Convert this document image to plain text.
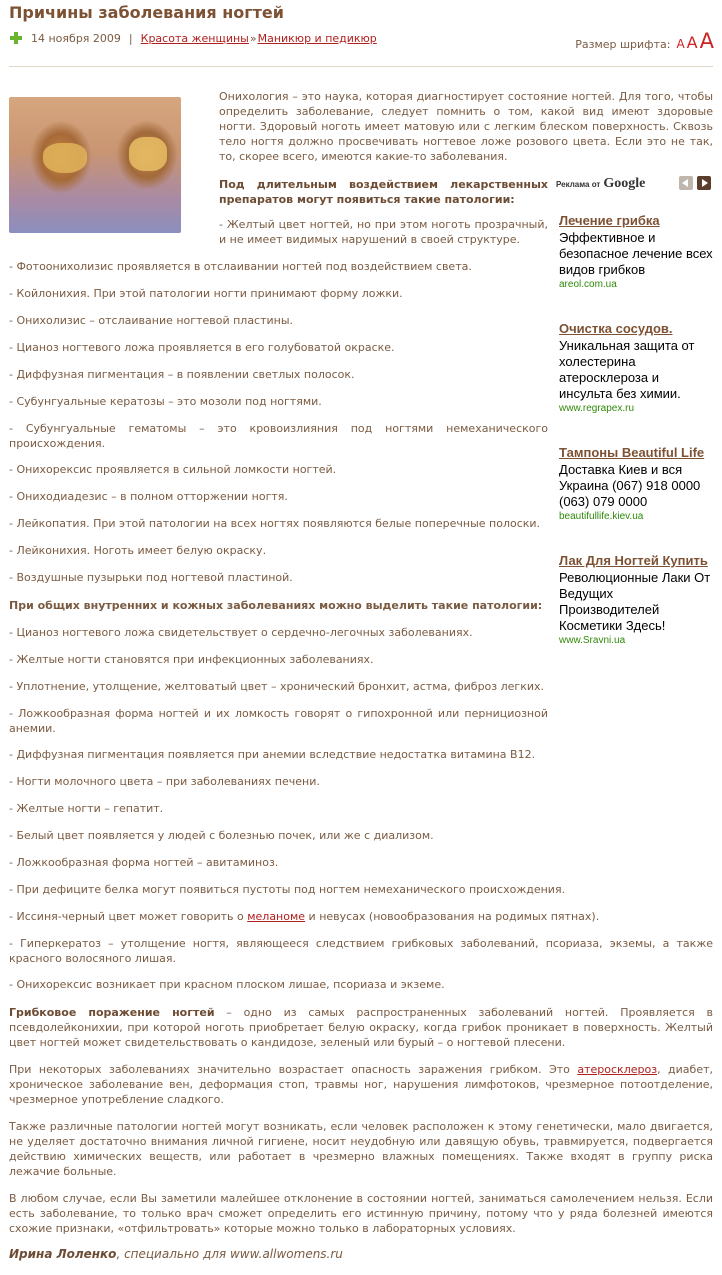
Причины заболевания ногтей
14 ноября 2009 | Красота женщины » Маникюр и педикюр	Размер шрифта: A A A
Онихология – это наука, которая диагностирует состояние ногтей. Для того, чтобы определить заболевание, следует помнить о том, какой вид имеют здоровые ногти. Здоровый ноготь имеет матовую или с легким блеском поверхность. Сквозь тело ногтя должно просвечивать ногтевое ложе розового цвета. Если это не так, то, скорее всего, имеются какие-то заболевания.
Под длительным воздействием лекарственных препаратов могут появиться такие патологии:
- Желтый цвет ногтей, но при этом ноготь прозрачный, и не имеет видимых нарушений в своей структуре.
- Фотоонихолизис проявляется в отслаивании ногтей под воздействием света.
- Койлонихия. При этой патологии ногти принимают форму ложки.
- Онихолизис – отслаивание ногтевой пластины.
- Цианоз ногтевого ложа проявляется в его голубоватой окраске.
- Диффузная пигментация – в появлении светлых полосок.
- Субунгуальные кератозы – это мозоли под ногтями.
- Субунгуальные гематомы – это кровоизлияния под ногтями немеханического происхождения.
- Онихорексис проявляется в сильной ломкости ногтей.
- Ониходиадезис – в полном отторжении ногтя.
- Лейкопатия. При этой патологии на всех ногтях появляются белые поперечные полоски.
- Лейконихия. Ноготь имеет белую окраску.
- Воздушные пузырьки под ногтевой пластиной.
При общих внутренних и кожных заболеваниях можно выделить такие патологии:
- Цианоз ногтевого ложа свидетельствует о сердечно-легочных заболеваниях.
- Желтые ногти становятся при инфекционных заболеваниях.
- Уплотнение, утолщение, желтоватый цвет – хронический бронхит, астма, фиброз легких.
- Ложкообразная форма ногтей и их ломкость говорят о гипохронной или пернициозной анемии.
- Диффузная пигментация появляется при анемии вследствие недостатка витамина В12.
- Ногти молочного цвета – при заболеваниях печени.
- Желтые ногти – гепатит.
- Белый цвет появляется у людей с болезнью почек, или же с диализом.
- Ложкообразная форма ногтей – авитаминоз.
- При дефиците белка могут появиться пустоты под ногтем немеханического происхождения.
- Иссиня-черный цвет может говорить о меланоме и невусах (новообразования на родимых пятнах).
- Гиперкератоз – утолщение ногтя, являющееся следствием грибковых заболеваний, псориаза, экземы, а также красного волосяного лишая.
- Онихорексис возникает при красном плоском лишае, псориаза и экземе.
Грибковое поражение ногтей – одно из самых распространенных заболеваний ногтей. Проявляется в псевдолейконихии, при которой ноготь приобретает белую окраску, когда грибок проникает в поверхность. Желтый цвет ногтей может свидетельствовать о кандидозе, зеленый или бурый – о ногтевой плесени.
При некоторых заболеваниях значительно возрастает опасность заражения грибком. Это атеросклероз, диабет, хроническое заболевание вен, деформация стоп, травмы ног, нарушения лимфотоков, чрезмерное потоотделение, чрезмерное употребление сладкого.
Также различные патологии ногтей могут возникать, если человек расположен к этому генетически, мало двигается, не уделяет достаточно внимания личной гигиене, носит неудобную или давящую обувь, травмируется, подвергается действию химических веществ, или работает в чрезмерно влажных помещениях. Также входят в группу риска лежачие больные.
В любом случае, если Вы заметили малейшее отклонение в состоянии ногтей, заниматься самолечением нельзя. Если есть заболевание, то только врач сможет определить его истинную причину, потому что у ряда болезней имеются схожие признаки, «отфильтровать» которые можно только в лабораторных условиях.
Ирина Лоленко, специально для www.allwomens.ru
Реклама от Google
Лечение грибка
Эффективное и безопасное лечение всех видов грибков
areol.com.ua
Очистка сосудов.
Уникальная защита от холестерина атеросклероза и инсульта без химии.
www.regrapex.ru
Тампоны Beautiful Life
Доставка Киев и вся Украина (067) 918 0000 (063) 079 0000
beautifullife.kiev.ua
Лак Для Ногтей Купить
Революционные Лаки От Ведущих Производителей Косметики Здесь!
www.Sravni.ua
